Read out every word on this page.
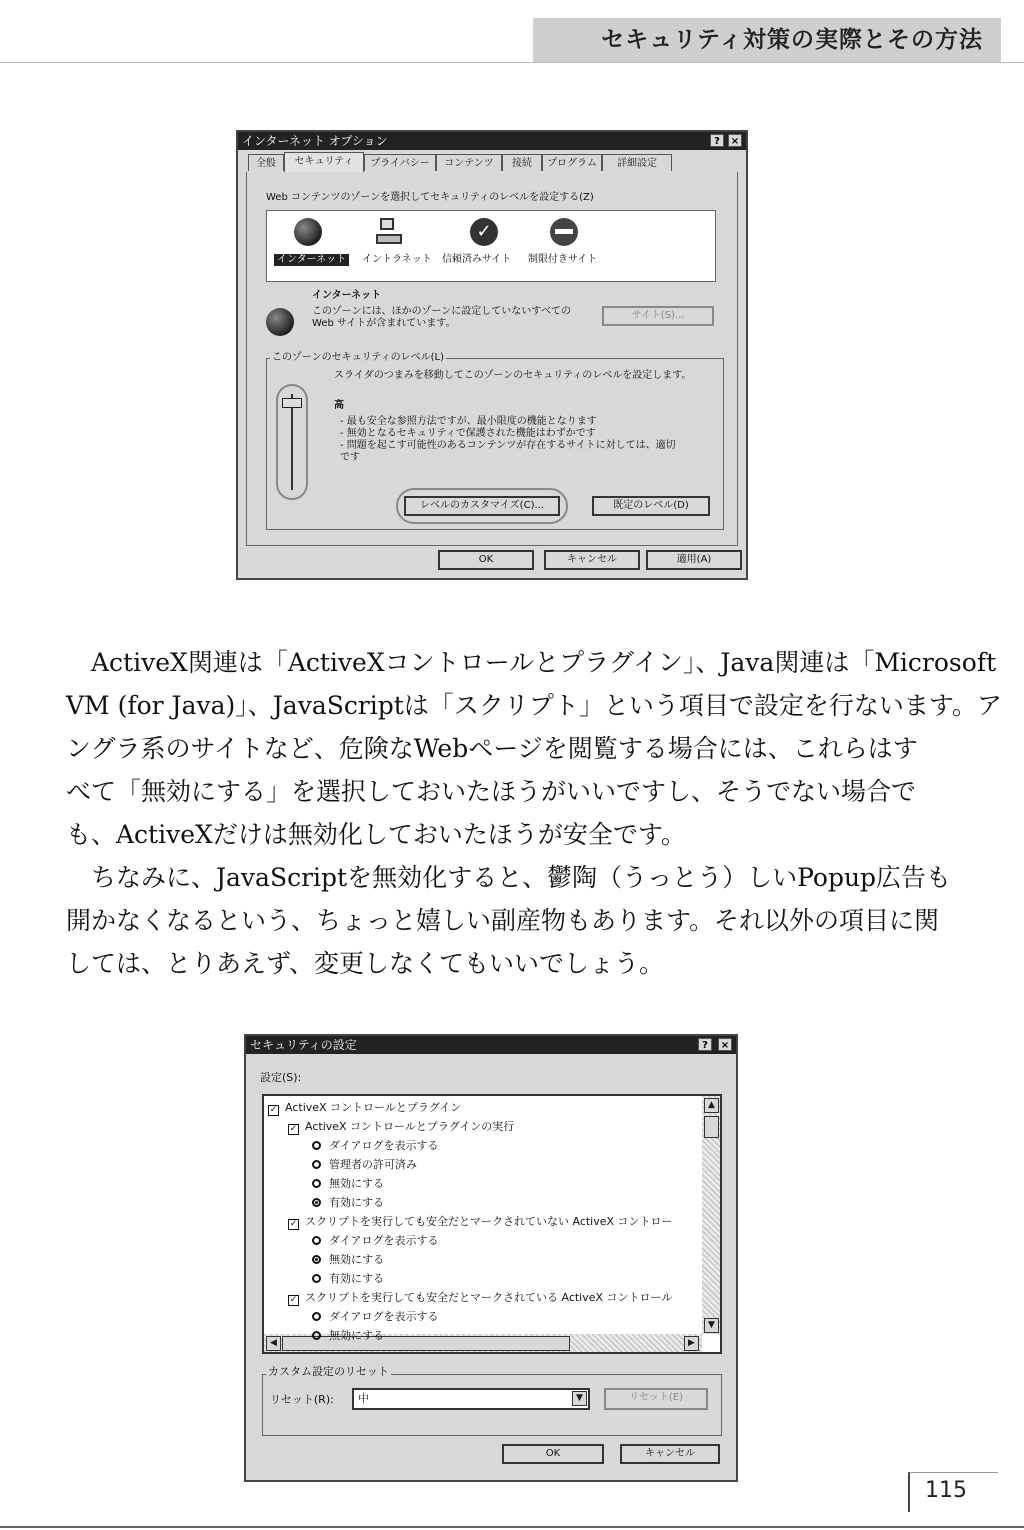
セキュリティ対策の実際とその方法
インターネット オプション	?	×
全般	セキュリティ	プライバシー	コンテンツ	接続	プログラム	詳細設定
Web コンテンツのゾーンを選択してセキュリティのレベルを設定する(Z)
✓
インターネット	イントラネット 信頼済みサイト 制限付きサイト
インターネット
このゾーンには、ほかのゾーンに設定していないすべての
Web サイトが含まれています。
サイト(S)...
このゾーンのセキュリティのレベル(L)
スライダのつまみを移動してこのゾーンのセキュリティのレベルを設定します。
高
- 最も安全な参照方法ですが、最小限度の機能となります
- 無効となるセキュリティで保護された機能はわずかです
- 問題を起こす可能性のあるコンテンツが存在するサイトに対しては、適切
です
レベルのカスタマイズ(C)...	既定のレベル(D)
OK	キャンセル	適用(A)
ActiveX関連は「ActiveXコントロールとプラグイン」、Java関連は「Microsoft
VM (for Java)」、JavaScriptは「スクリプト」という項目で設定を行ないます。ア
ングラ系のサイトなど、危険なWebページを閲覧する場合には、これらはす
べて「無効にする」を選択しておいたほうがいいですし、そうでない場合で
も、ActiveXだけは無効化しておいたほうが安全です。
ちなみに、JavaScriptを無効化すると、鬱陶（うっとう）しいPopup広告も
開かなくなるという、ちょっと嬉しい副産物もあります。それ以外の項目に関
しては、とりあえず、変更しなくてもいいでしょう。
セキュリティの設定	?	×
設定(S):
▲
▼
◀	▶
カスタム設定のリセット
リセット(R):	中	▼	リセット(E)
OK	キャンセル
✓ ActiveX コントロールとプラグイン
✓ ActiveX コントロールとプラグインの実行
ダイアログを表示する
管理者の許可済み
無効にする
有効にする
✓ スクリプトを実行しても安全だとマークされていない ActiveX コントロー
ダイアログを表示する
無効にする
有効にする
✓ スクリプトを実行しても安全だとマークされている ActiveX コントロール
ダイアログを表示する
無効にする
115
